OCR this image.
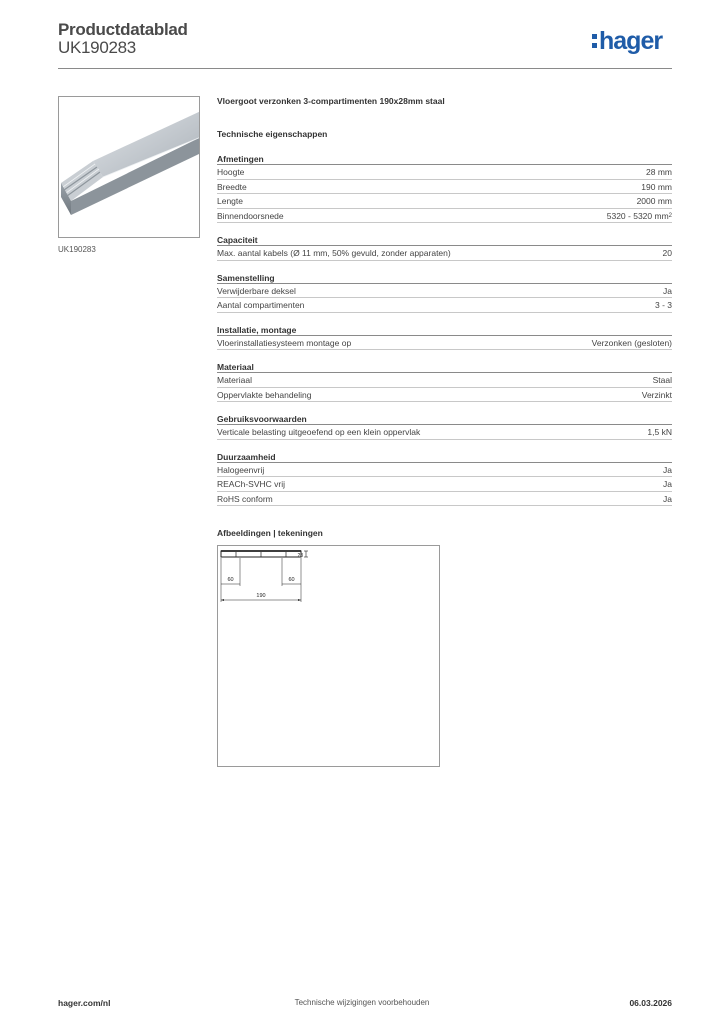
Productdatablad
UK190283	hager
UK190283
Vloergoot verzonken 3-compartimenten 190x28mm staal
Technische eigenschappen
Afmetingen
Hoogte	28 mm
Breedte	190 mm
Lengte	2000 mm
Binnendoorsnede	5320 - 5320 $mm^2$
Capaciteit
Max. aantal kabels (Ø 11 mm, 50% gevuld, zonder apparaten)	20
Samenstelling
Verwijderbare deksel	Ja
Aantal compartimenten	3 - 3
Installatie, montage
Vloerinstallatiesysteem montage op	Verzonken (gesloten)
Materiaal
Materiaal	Staal
Oppervlakte behandeling	Verzinkt
Gebruiksvoorwaarden
Verticale belasting uitgeoefend op een klein oppervlak	1,5 kN
Duurzaamheid
Halogeenvrij	Ja
REACh-SVHC vrij	Ja
RoHS conform	Ja
Afbeeldingen | tekeningen
28
60	60
190
hager.com/nl	Technische wijzigingen voorbehouden	06.03.2026
